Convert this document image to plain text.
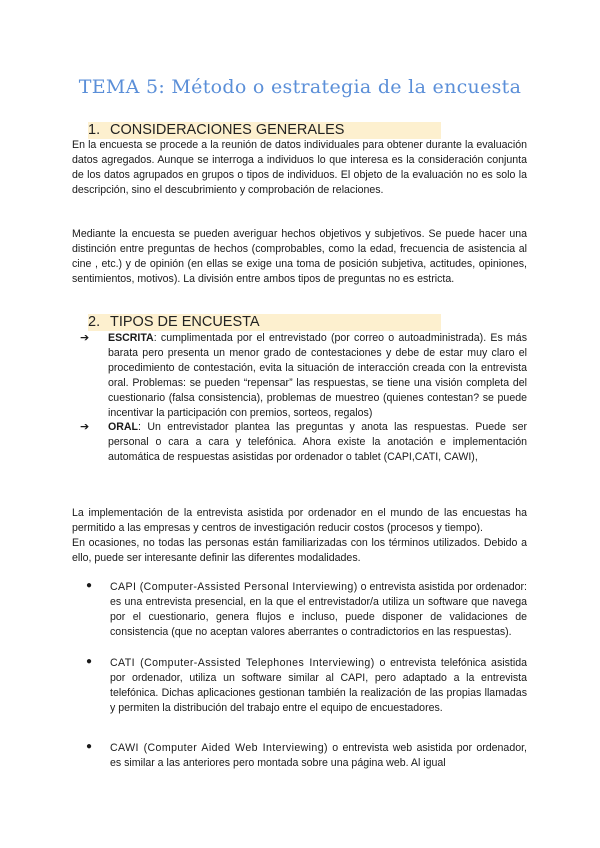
TEMA 5: Método o estrategia de la encuesta
1. CONSIDERACIONES GENERALES

En la encuesta se procede a la reunión de datos individuales para obtener durante la evaluación datos agregados. Aunque se interroga a individuos lo que interesa es la consideración conjunta de los datos agrupados en grupos o tipos de individuos. El objeto de la evaluación no es solo la descripción, sino el descubrimiento y comprobación de relaciones.

Mediante la encuesta se pueden averiguar hechos objetivos y subjetivos. Se puede hacer una distinción entre preguntas de hechos (comprobables, como la edad, frecuencia de asistencia al cine , etc.) y de opinión (en ellas se exige una toma de posición subjetiva, actitudes, opiniones, sentimientos, motivos). La división entre ambos tipos de preguntas no es estricta.

2. TIPOS DE ENCUESTA
➔ ESCRITA: cumplimentada por el entrevistado (por correo o autoadministrada). Es más barata pero presenta un menor grado de contestaciones y debe de estar muy claro el procedimiento de contestación, evita la situación de interacción creada con la entrevista oral. Problemas: se pueden “repensar” las respuestas, se tiene una visión completa del cuestionario (falsa consistencia), problemas de muestreo (quienes contestan? se puede incentivar la participación con premios, sorteos, regalos)

➔ ORAL: Un entrevistador plantea las preguntas y anota las respuestas. Puede ser personal o cara a cara y telefónica. Ahora existe la anotación e implementación automática de respuestas asistidas por ordenador o tablet (CAPI,CATI, CAWI),

La implementación de la entrevista asistida por ordenador en el mundo de las encuestas ha permitido a las empresas y centros de investigación reducir costos (procesos y tiempo).

En ocasiones, no todas las personas están familiarizadas con los términos utilizados. Debido a ello, puede ser interesante definir las diferentes modalidades.

● CAPI (Computer-Assisted Personal Interviewing) o entrevista asistida por ordenador: es una entrevista presencial, en la que el entrevistador/a utiliza un software que navega por el cuestionario, genera flujos e incluso, puede disponer de validaciones de consistencia (que no aceptan valores aberrantes o contradictorios en las respuestas).

● CATI (Computer-Assisted Telephones Interviewing) o entrevista telefónica asistida por ordenador, utiliza un software similar al CAPI, pero adaptado a la entrevista telefónica. Dichas aplicaciones gestionan también la realización de las propias llamadas y permiten la distribución del trabajo entre el equipo de encuestadores.

● CAWI (Computer Aided Web Interviewing) o entrevista web asistida por ordenador, es similar a las anteriores pero montada sobre una página web. Al igual
